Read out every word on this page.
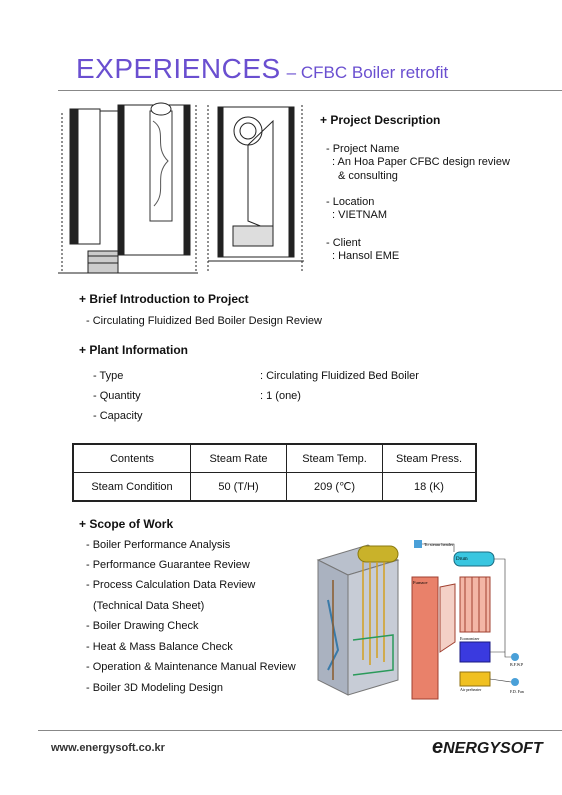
EXPERIENCES – CFBC Boiler retrofit
+ Project Description
- Project Name
: An Hoa Paper CFBC design review
& consulting
- Location
: VIETNAM
- Client
: Hansol EME
+ Brief Introduction to Project
- Circulating Fluidized Bed Boiler Design Review
+ Plant Information
- Type	: Circulating Fluidized Bed Boiler
- Quantity	: 1 (one)
- Capacity
Contents	Steam Rate	Steam Temp.	Steam Press.
Steam Condition	50 (T/H)	209 (℃)	18 (K)
+ Scope of Work
- Boiler Performance Analysis
- Performance Guarantee Review
- Process Calculation Data Review
(Technical Data Sheet)
- Boiler Drawing Check
- Heat & Mass Balance Check
- Operation & Maintenance Manual Review
- Boiler 3D Modeling Design
To steam header
Drum
Furnace
Economizer
Air preheater
B.F.W.P
F.D. Fan
www.energysoft.co.kr	eNERGYSOFT
